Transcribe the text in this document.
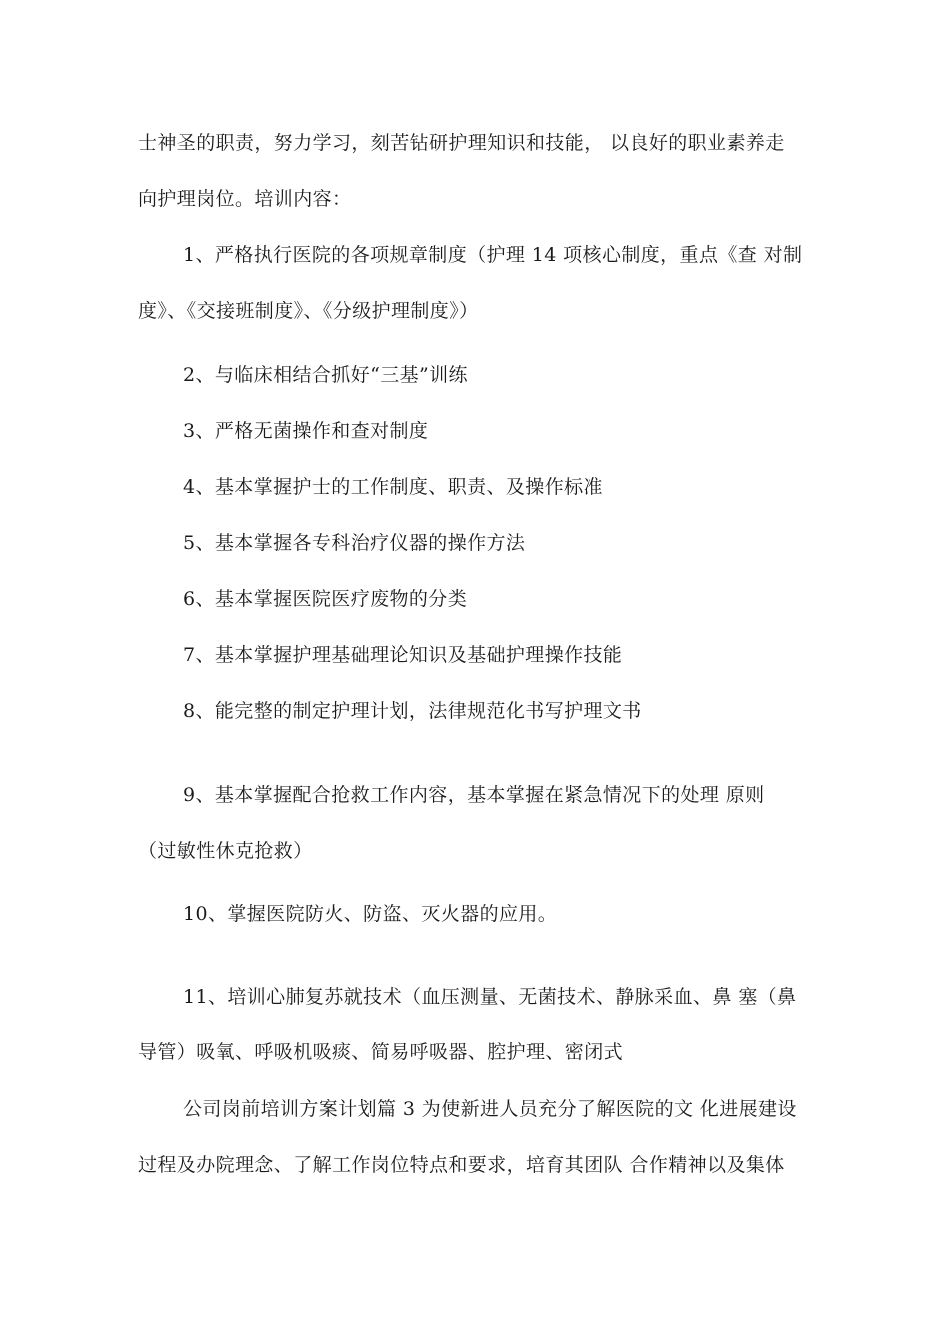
士神圣的职责，努力学习，刻苦钻研护理知识和技能， 以良好的职业素养走
向护理岗位。培训内容：
1、严格执行医院的各项规章制度（护理 14 项核心制度，重点《查 对制
度》、《交接班制度》、《分级护理制度》）
2、与临床相结合抓好“三基”训练
3、严格无菌操作和查对制度
4、基本掌握护士的工作制度、职责、及操作标准
5、基本掌握各专科治疗仪器的操作方法
6、基本掌握医院医疗废物的分类
7、基本掌握护理基础理论知识及基础护理操作技能
8、能完整的制定护理计划，法律规范化书写护理文书
9、基本掌握配合抢救工作内容，基本掌握在紧急情况下的处理 原则
（过敏性休克抢救）
10、掌握医院防火、防盗、灭火器的应用。
11、培训心肺复苏就技术（血压测量、无菌技术、静脉采血、鼻 塞（鼻
导管）吸氧、呼吸机吸痰、简易呼吸器、腔护理、密闭式
公司岗前培训方案计划篇 3 为使新进人员充分了解医院的文 化进展建设
过程及办院理念、了解工作岗位特点和要求，培育其团队 合作精神以及集体
